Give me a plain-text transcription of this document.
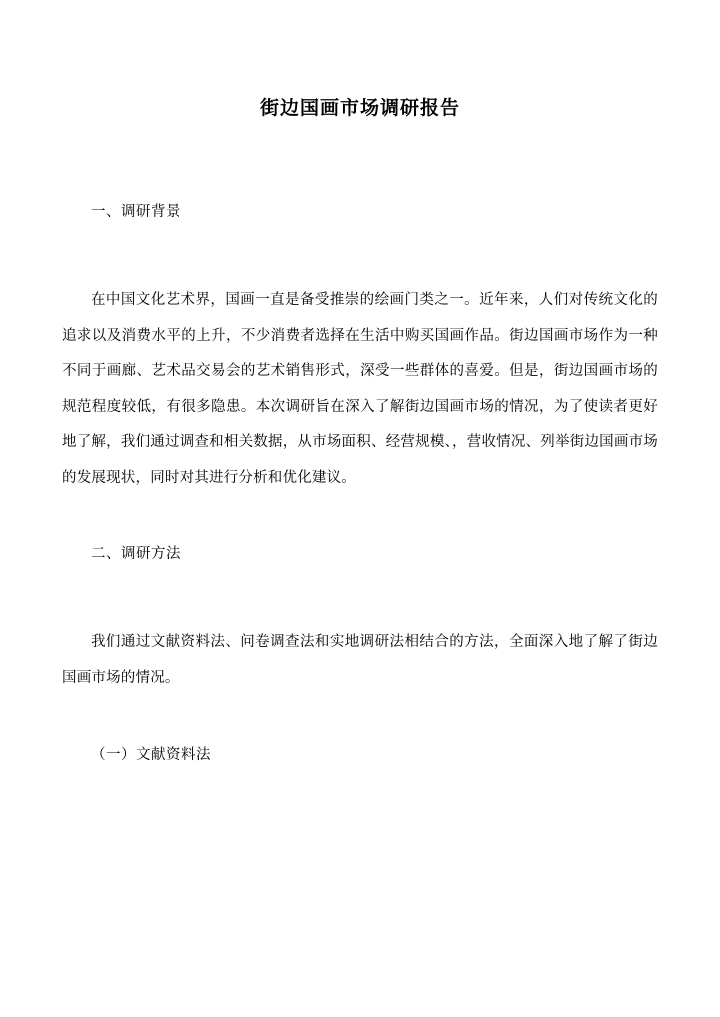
街边国画市场调研报告
一、调研背景

在中国文化艺术界，国画一直是备受推崇的绘画门类之一。近年来，人们对传统文化的追求以及消费水平的上升，不少消费者选择在生活中购买国画作品。街边国画市场作为一种不同于画廊、艺术品交易会的艺术销售形式，深受一些群体的喜爱。但是，街边国画市场的规范程度较低，有很多隐患。本次调研旨在深入了解街边国画市场的情况，为了使读者更好地了解，我们通过调查和相关数据，从市场面积、经营规模、，营收情况、列举街边国画市场的发展现状，同时对其进行分析和优化建议。

二、调研方法

我们通过文献资料法、问卷调查法和实地调研法相结合的方法，全面深入地了解了街边国画市场的情况。

（一）文献资料法
